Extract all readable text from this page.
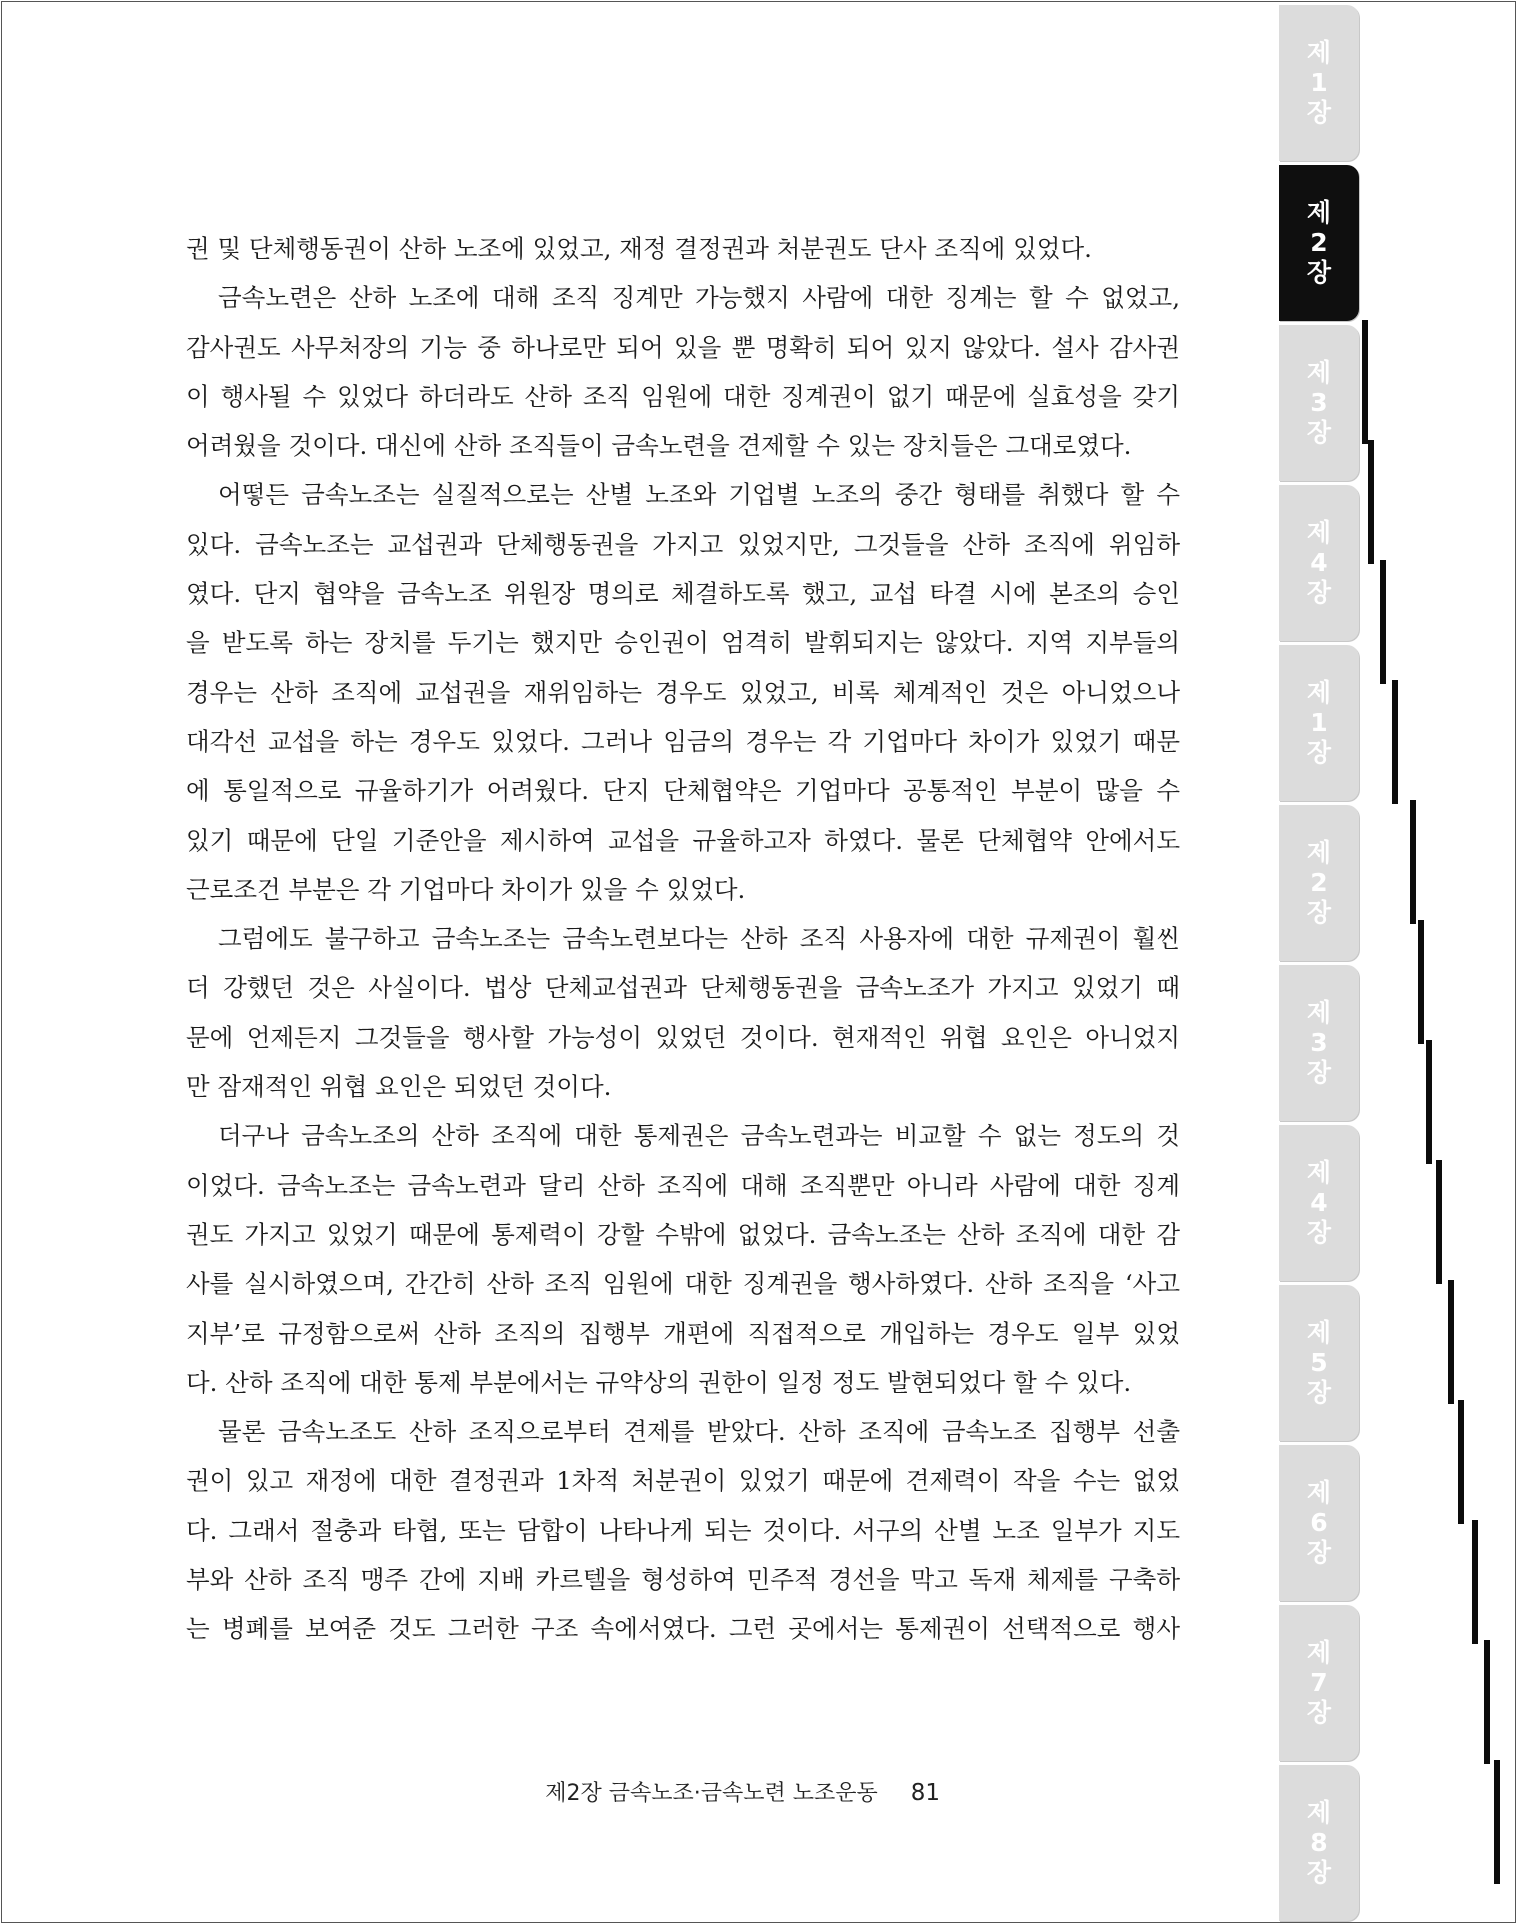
권 및 단체행동권이 산하 노조에 있었고, 재정 결정권과 처분권도 단사 조직에 있었다.
금속노련은 산하 노조에 대해 조직 징계만 가능했지 사람에 대한 징계는 할 수 없었고,
감사권도 사무처장의 기능 중 하나로만 되어 있을 뿐 명확히 되어 있지 않았다. 설사 감사권
이 행사될 수 있었다 하더라도 산하 조직 임원에 대한 징계권이 없기 때문에 실효성을 갖기
어려웠을 것이다. 대신에 산하 조직들이 금속노련을 견제할 수 있는 장치들은 그대로였다.
어떻든 금속노조는 실질적으로는 산별 노조와 기업별 노조의 중간 형태를 취했다 할 수
있다. 금속노조는 교섭권과 단체행동권을 가지고 있었지만, 그것들을 산하 조직에 위임하
였다. 단지 협약을 금속노조 위원장 명의로 체결하도록 했고, 교섭 타결 시에 본조의 승인
을 받도록 하는 장치를 두기는 했지만 승인권이 엄격히 발휘되지는 않았다. 지역 지부들의
경우는 산하 조직에 교섭권을 재위임하는 경우도 있었고, 비록 체계적인 것은 아니었으나
대각선 교섭을 하는 경우도 있었다. 그러나 임금의 경우는 각 기업마다 차이가 있었기 때문
에 통일적으로 규율하기가 어려웠다. 단지 단체협약은 기업마다 공통적인 부분이 많을 수
있기 때문에 단일 기준안을 제시하여 교섭을 규율하고자 하였다. 물론 단체협약 안에서도
근로조건 부분은 각 기업마다 차이가 있을 수 있었다.
그럼에도 불구하고 금속노조는 금속노련보다는 산하 조직 사용자에 대한 규제권이 훨씬
더 강했던 것은 사실이다. 법상 단체교섭권과 단체행동권을 금속노조가 가지고 있었기 때
문에 언제든지 그것들을 행사할 가능성이 있었던 것이다. 현재적인 위협 요인은 아니었지
만 잠재적인 위협 요인은 되었던 것이다.
더구나 금속노조의 산하 조직에 대한 통제권은 금속노련과는 비교할 수 없는 정도의 것
이었다. 금속노조는 금속노련과 달리 산하 조직에 대해 조직뿐만 아니라 사람에 대한 징계
권도 가지고 있었기 때문에 통제력이 강할 수밖에 없었다. 금속노조는 산하 조직에 대한 감
사를 실시하였으며, 간간히 산하 조직 임원에 대한 징계권을 행사하였다. 산하 조직을 ‘사고
지부’로 규정함으로써 산하 조직의 집행부 개편에 직접적으로 개입하는 경우도 일부 있었
다. 산하 조직에 대한 통제 부분에서는 규약상의 권한이 일정 정도 발현되었다 할 수 있다.
물론 금속노조도 산하 조직으로부터 견제를 받았다. 산하 조직에 금속노조 집행부 선출
권이 있고 재정에 대한 결정권과 1차적 처분권이 있었기 때문에 견제력이 작을 수는 없었
다. 그래서 절충과 타협, 또는 담합이 나타나게 되는 것이다. 서구의 산별 노조 일부가 지도
부와 산하 조직 맹주 간에 지배 카르텔을 형성하여 민주적 경선을 막고 독재 체제를 구축하
는 병폐를 보여준 것도 그러한 구조 속에서였다. 그런 곳에서는 통제권이 선택적으로 행사
제2장 금속노조·금속노련 노조운동 81
제
1
장
제
2
장
제
3
장
제
4
장
제
1
장
제
2
장
제
3
장
제
4
장
제
5
장
제
6
장
제
7
장
제
8
장
